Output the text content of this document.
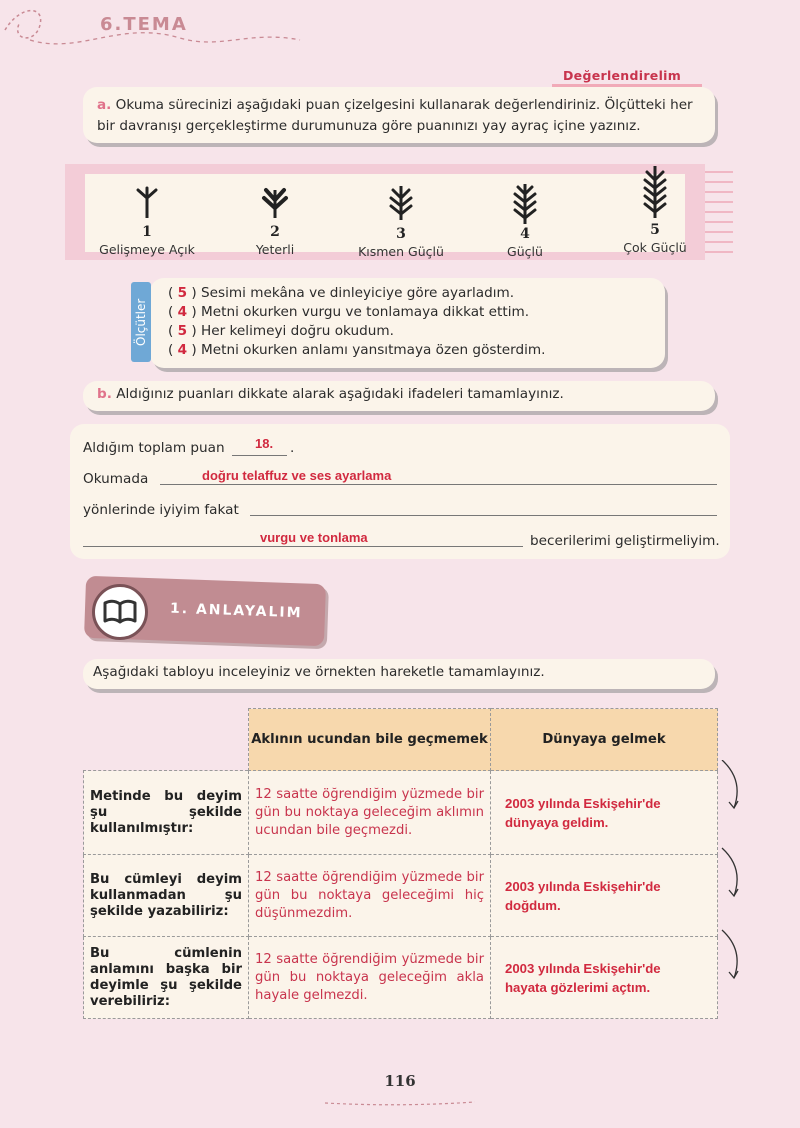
6.TEMA
Değerlendirelim
a. Okuma sürecinizi aşağıdaki puan çizelgesini kullanarak değerlendiriniz. Ölçütteki her bir davranışı gerçekleştirme durumunuza göre puanınızı yay ayraç içine yazınız.
1
Gelişmeye Açık
2
Yeterli
3
Kısmen Güçlü
4
Güçlü
5
Çok Güçlü
( 5 ) Sesimi mekâna ve dinleyiciye göre ayarladım.
( 4 ) Metni okurken vurgu ve tonlamaya dikkat ettim.
( 5 ) Her kelimeyi doğru okudum.
( 4 ) Metni okurken anlamı yansıtmaya özen gösterdim.
Ölçütler
b. Aldığınız puanları dikkate alarak aşağıdaki ifadeleri tamamlayınız.
Aldığım toplam puan 18. .
Okumada	doğru telaffuz ve ses ayarlama
yönlerinde iyiyim fakat
vurgu ve tonlama	becerilerimi geliştirmeliyim.
1. ANLAYALIM
Aşağıdaki tabloyu inceleyiniz ve örnekten hareketle tamamlayınız.
	Aklının ucundan bile geçmemek	Dünyaya gelmek
Metinde bu deyim şu şekilde kullanılmıştır:	12 saatte öğrendiğim yüzmede bir gün bu noktaya geleceğim aklımın ucundan bile geçmezdi.	2003 yılında Eskişehir'de dünyaya geldim.
Bu cümleyi deyim kullanmadan şu şekilde yazabiliriz:	12 saatte öğrendiğim yüzmede bir gün bu noktaya geleceğimi hiç düşünmezdim.	2003 yılında Eskişehir'de doğdum.
Bu cümlenin anlamını başka bir deyimle şu şekilde verebiliriz:	12 saatte öğrendiğim yüzmede bir gün bu noktaya geleceğim akla hayale gelmezdi.	2003 yılında Eskişehir'de hayata gözlerimi açtım.
116
